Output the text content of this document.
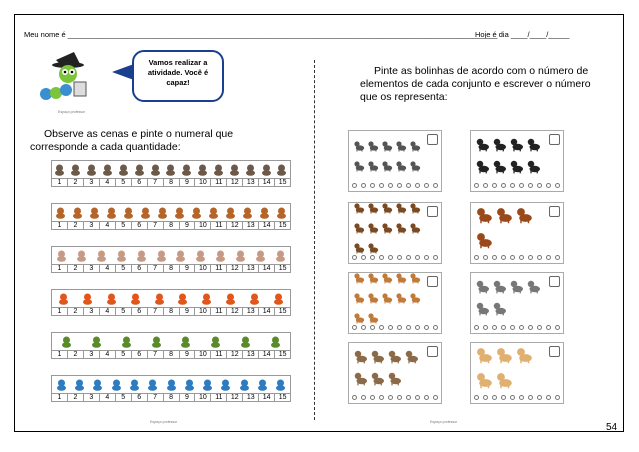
Meu nome é _______________________________________________________________________________________________________
Hoje é dia ____/____/_____
Espaço professor
Vamos realizar a atividade. Você é capaz!
Observe as cenas e pinte o numeral que corresponde a cada quantidade:
Pinte as bolinhas de acordo com o número de elementos de cada conjunto e escrever o número que os representa:
1	2	3	4	5	6	7	8	9	10	11	12	13	14	15
1	2	3	4	5	6	7	8	9	10	11	12	13	14	15
1	2	3	4	5	6	7	8	9	10	11	12	13	14	15
1	2	3	4	5	6	7	8	9	10	11	12	13	14	15
1	2	3	4	5	6	7	8	9	10	11	12	13	14	15
1	2	3	4	5	6	7	8	9	10	11	12	13	14	15
Espaço professor	Espaço professor	54
